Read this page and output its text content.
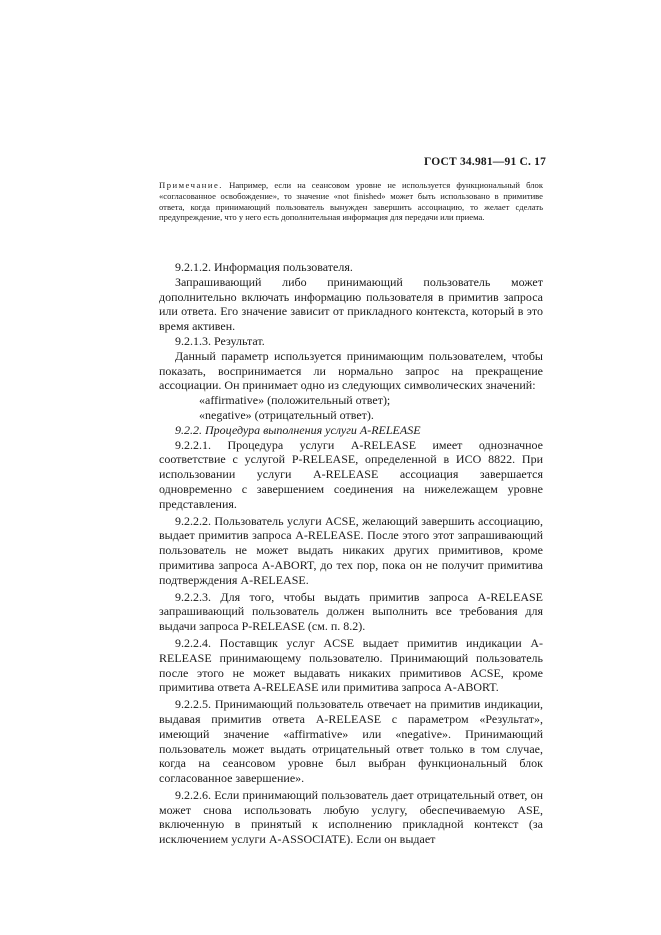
ГОСТ 34.981—91 С. 17
Примечание. Например, если на сеансовом уровне не используется функциональный блок «согласованное освобождение», то значение «not finished» может быть использовано в примитиве ответа, когда принимающий пользователь вынужден завершить ассоциацию, то желает сделать предупреждение, что у него есть дополнительная информация для передачи или приема.

9.2.1.2. Информация пользователя.

Запрашивающий либо принимающий пользователь может дополнительно включать информацию пользователя в примитив запроса или ответа. Его значение зависит от прикладного контекста, который в это время активен.

9.2.1.3. Результат.

Данный параметр используется принимающим пользователем, чтобы показать, воспринимается ли нормально запрос на прекращение ассоциации. Он принимает одно из следующих символических значений:

«affirmative» (положительный ответ);

«negative» (отрицательный ответ).

9.2.2. Процедура выполнения услуги A-RELEASE

9.2.2.1. Процедура услуги A-RELEASE имеет однозначное соответствие с услугой P-RELEASE, определенной в ИСО 8822. При использовании услуги A-RELEASE ассоциация завершается одновременно с завершением соединения на нижележащем уровне представления.

9.2.2.2. Пользователь услуги ACSE, желающий завершить ассоциацию, выдает примитив запроса A-RELEASE. После этого этот запрашивающий пользователь не может выдать никаких других примитивов, кроме примитива запроса A-ABORT, до тех пор, пока он не получит примитива подтверждения A-RELEASE.

9.2.2.3. Для того, чтобы выдать примитив запроса A-RELEASE запрашивающий пользователь должен выполнить все требования для выдачи запроса P-RELEASE (см. п. 8.2).

9.2.2.4. Поставщик услуг ACSE выдает примитив индикации A-RELEASE принимающему пользователю. Принимающий пользователь после этого не может выдавать никаких примитивов ACSE, кроме примитива ответа A-RELEASE или примитива запроса A-ABORT.

9.2.2.5. Принимающий пользователь отвечает на примитив индикации, выдавая примитив ответа A-RELEASE с параметром «Результат», имеющий значение «affirmative» или «negative». Принимающий пользователь может выдать отрицательный ответ только в том случае, когда на сеансовом уровне был выбран функциональный блок согласованное завершение».

9.2.2.6. Если принимающий пользователь дает отрицательный ответ, он может снова использовать любую услугу, обеспечиваемую ASE, включенную в принятый к исполнению прикладной контекст (за исключением услуги A-ASSOCIATE). Если он выдает
